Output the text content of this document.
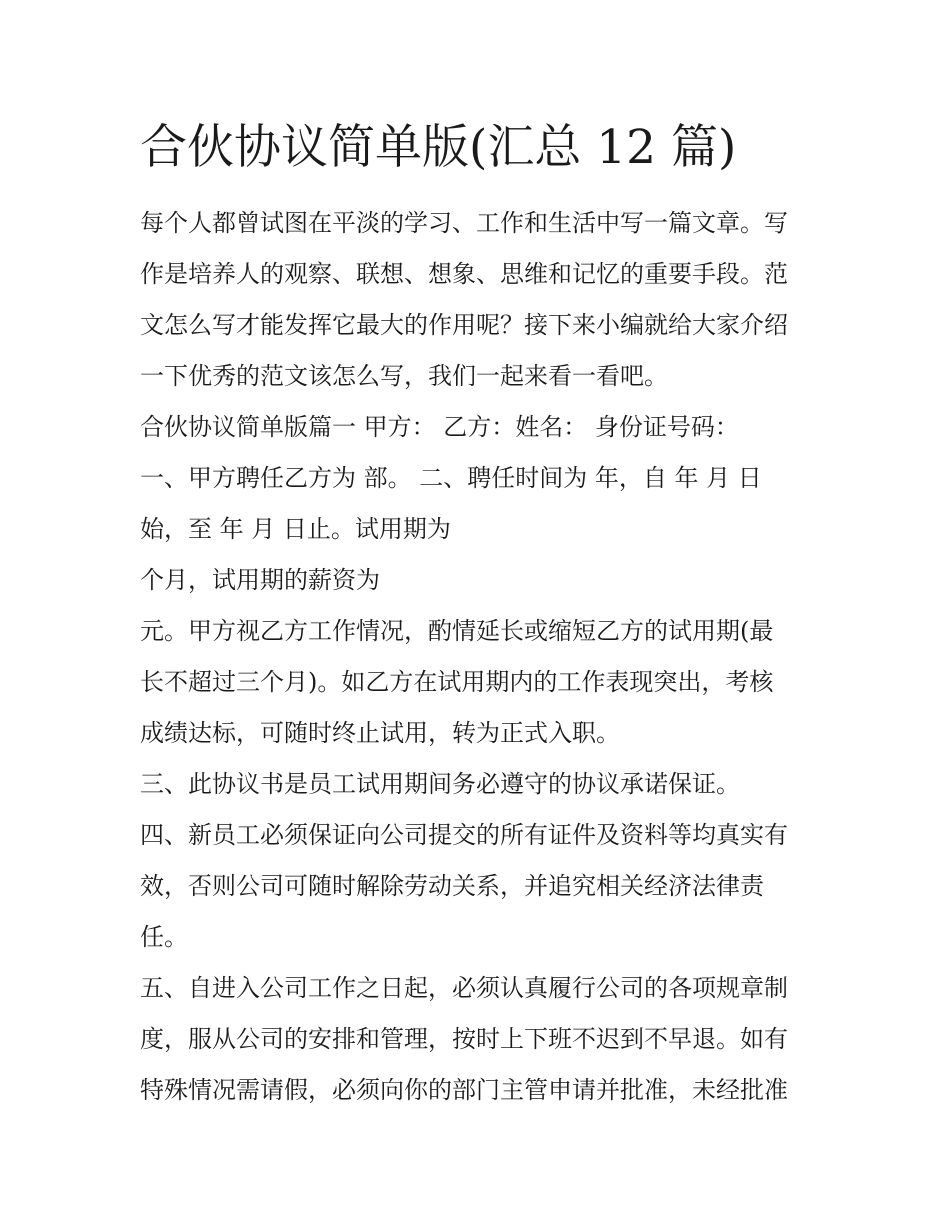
合伙协议简单版(汇总 12 篇)

每个人都曾试图在平淡的学习、工作和生活中写一篇文章。写

作是培养人的观察、联想、想象、思维和记忆的重要手段。范

文怎么写才能发挥它最大的作用呢？接下来小编就给大家介绍

一下优秀的范文该怎么写，我们一起来看一看吧。

合伙协议简单版篇一 甲方： 乙方：姓名： 身份证号码：

一、甲方聘任乙方为 部。 二、聘任时间为 年，自 年 月 日

始，至 年 月 日止。试用期为

个月，试用期的薪资为

元。甲方视乙方工作情况，酌情延长或缩短乙方的试用期(最

长不超过三个月)。如乙方在试用期内的工作表现突出，考核

成绩达标，可随时终止试用，转为正式入职。

三、此协议书是员工试用期间务必遵守的协议承诺保证。

四、新员工必须保证向公司提交的所有证件及资料等均真实有

效，否则公司可随时解除劳动关系，并追究相关经济法律责

任。

五、自进入公司工作之日起，必须认真履行公司的各项规章制

度，服从公司的安排和管理，按时上下班不迟到不早退。如有

特殊情况需请假，必须向你的部门主管申请并批准，未经批准
